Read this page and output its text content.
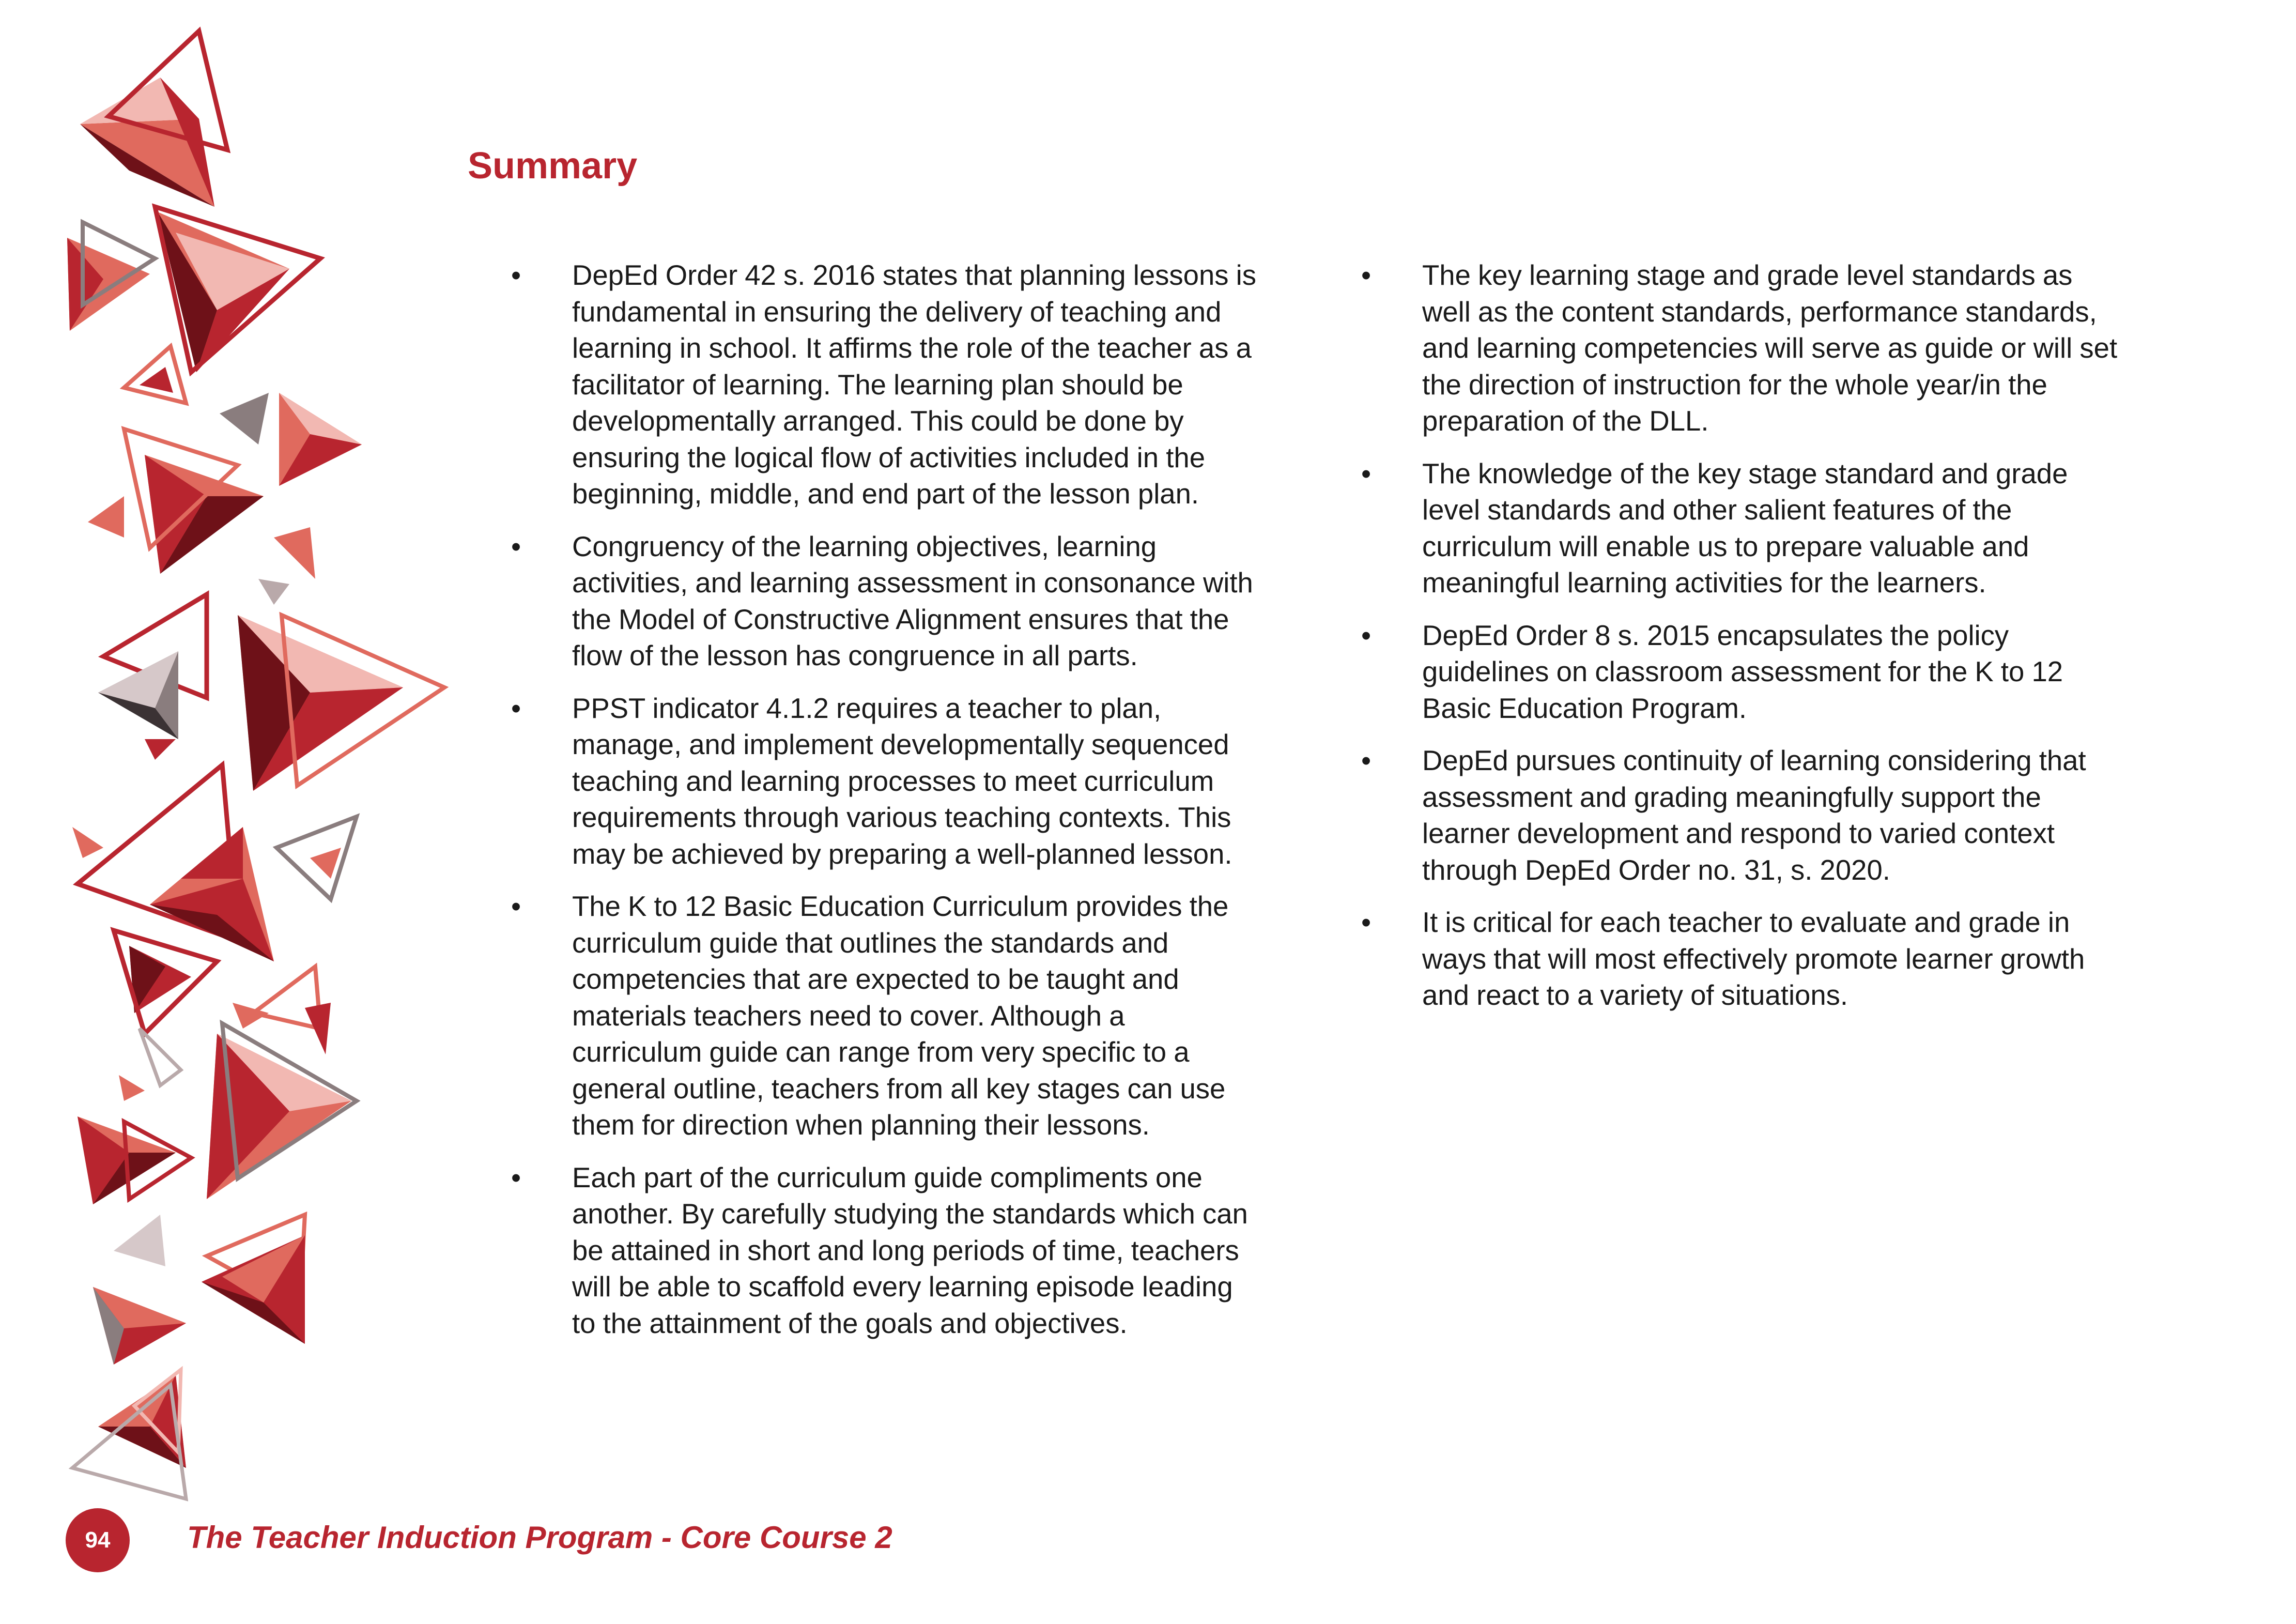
Summary
• DepEd Order 42 s. 2016 states that planning lessons is fundamental in ensuring the delivery of teaching and learning in school. It affirms the role of the teacher as a facilitator of learning. The learning plan should be developmentally arranged. This could be done by ensuring the logical flow of activities included in the beginning, middle, and end part of the lesson plan.
• Congruency of the learning objectives, learning activities, and learning assessment in consonance with the Model of Constructive Alignment ensures that the flow of the lesson has congruence in all parts.
• PPST indicator 4.1.2 requires a teacher to plan, manage, and implement developmentally sequenced teaching and learning processes to meet curriculum requirements through various teaching contexts. This may be achieved by preparing a well-planned lesson.
• The K to 12 Basic Education Curriculum provides the curriculum guide that outlines the standards and competencies that are expected to be taught and materials teachers need to cover. Although a curriculum guide can range from very specific to a general outline, teachers from all key stages can use them for direction when planning their lessons.
• Each part of the curriculum guide compliments one another. By carefully studying the standards which can be attained in short and long periods of time, teachers will be able to scaffold every learning episode leading to the attainment of the goals and objectives.
• The key learning stage and grade level standards as well as the content standards, performance standards, and learning competencies will serve as guide or will set the direction of instruction for the whole year/in the preparation of the DLL.
• The knowledge of the key stage standard and grade level standards and other salient features of the curriculum will enable us to prepare valuable and meaningful learning activities for the learners.
• DepEd Order 8 s. 2015 encapsulates the policy guidelines on classroom assessment for the K to 12 Basic Education Program.
• DepEd pursues continuity of learning considering that assessment and grading meaningfully support the learner development and respond to varied context through DepEd Order no. 31, s. 2020.
• It is critical for each teacher to evaluate and grade in ways that will most effectively promote learner growth and react to a variety of situations.
94	The Teacher Induction Program - Core Course 2
